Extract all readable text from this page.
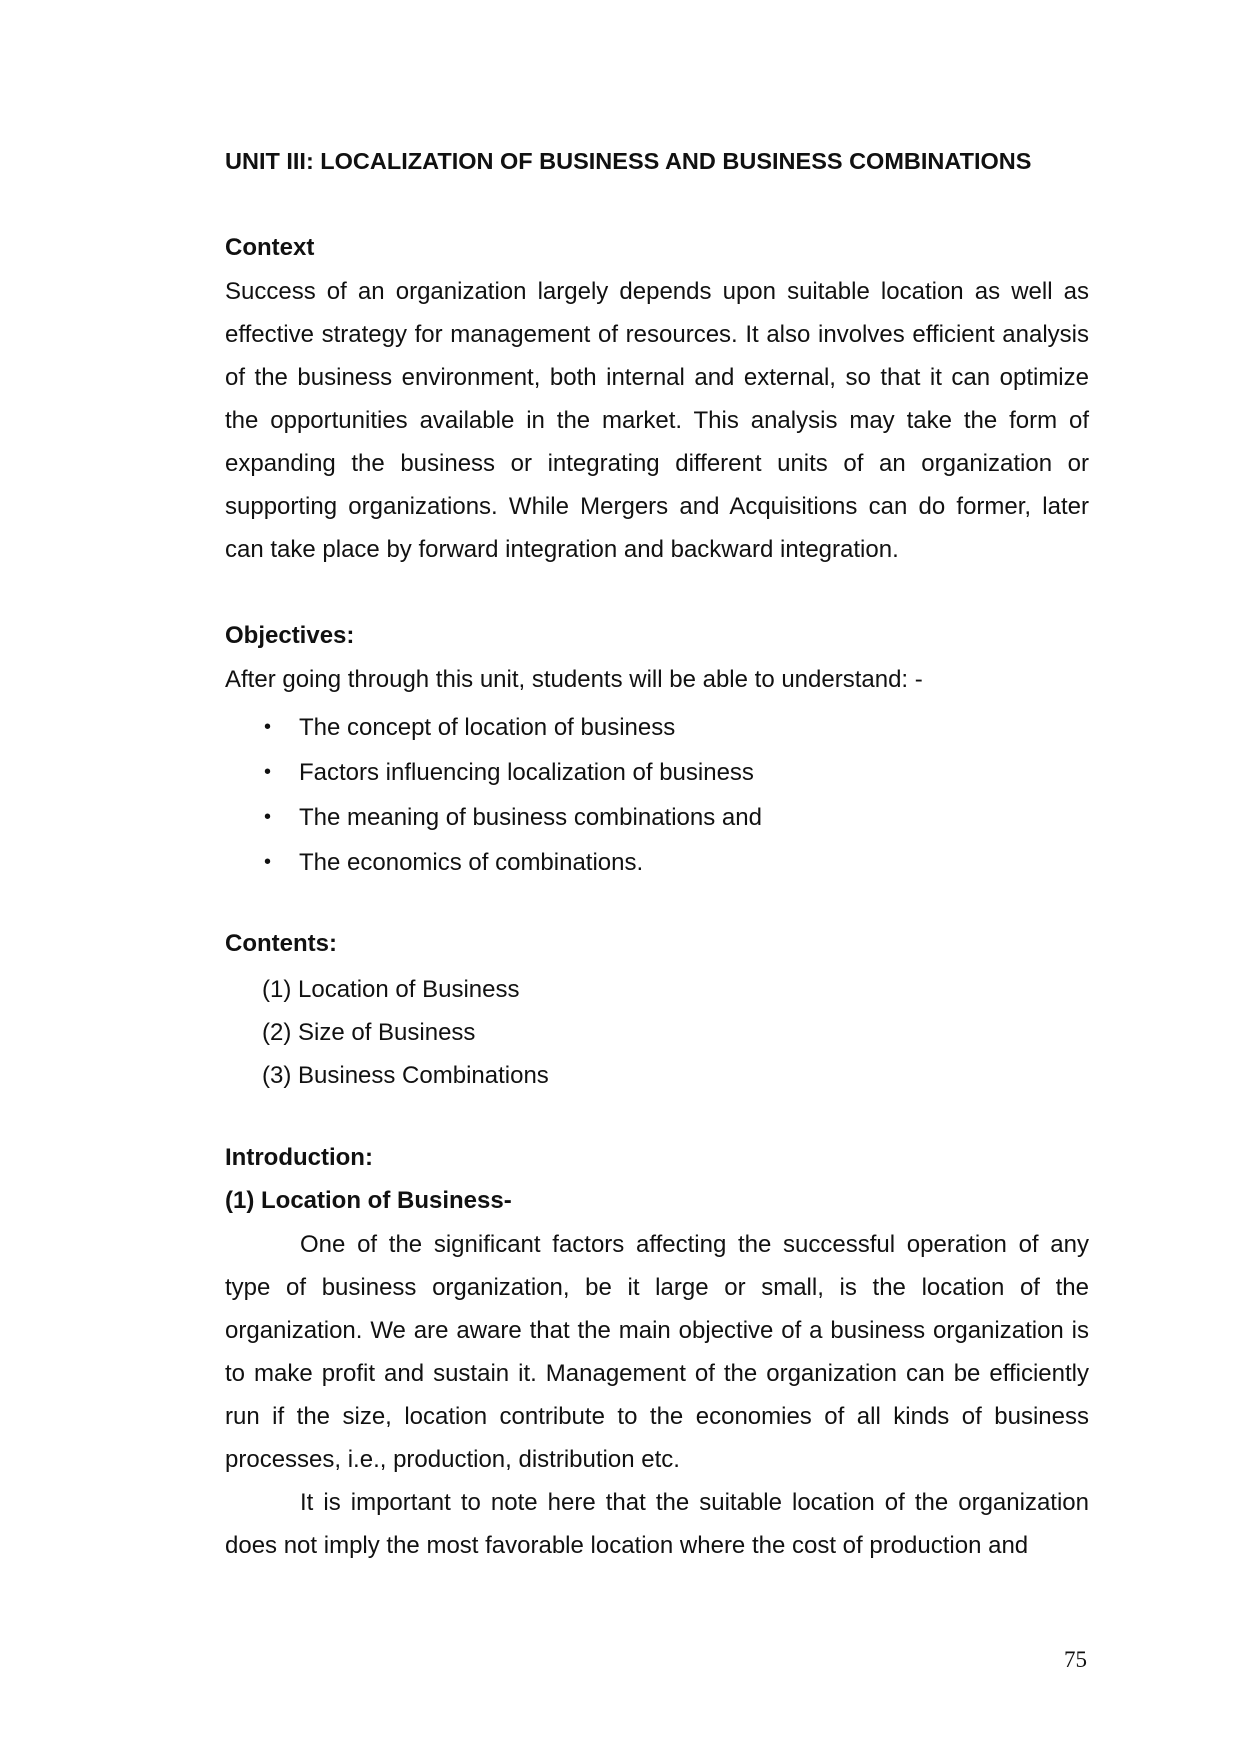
UNIT III: LOCALIZATION OF BUSINESS AND BUSINESS COMBINATIONS
Context

Success of an organization largely depends upon suitable location as well as effective strategy for management of resources. It also involves efficient analysis of the business environment, both internal and external, so that it can optimize the opportunities available in the market. This analysis may take the form of expanding the business or integrating different units of an organization or supporting organizations. While Mergers and Acquisitions can do former, later can take place by forward integration and backward integration.

Objectives:
After going through this unit, students will be able to understand: -
• The concept of location of business
• Factors influencing localization of business
• The meaning of business combinations and
• The economics of combinations.
Contents:
(1) Location of Business
(2) Size of Business
(3) Business Combinations
Introduction:
(1) Location of Business-

One of the significant factors affecting the successful operation of any type of business organization, be it large or small, is the location of the organization. We are aware that the main objective of a business organization is to make profit and sustain it. Management of the organization can be efficiently run if the size, location contribute to the economies of all kinds of business processes, i.e., production, distribution etc.

It is important to note here that the suitable location of the organization does not imply the most favorable location where the cost of production and

75
